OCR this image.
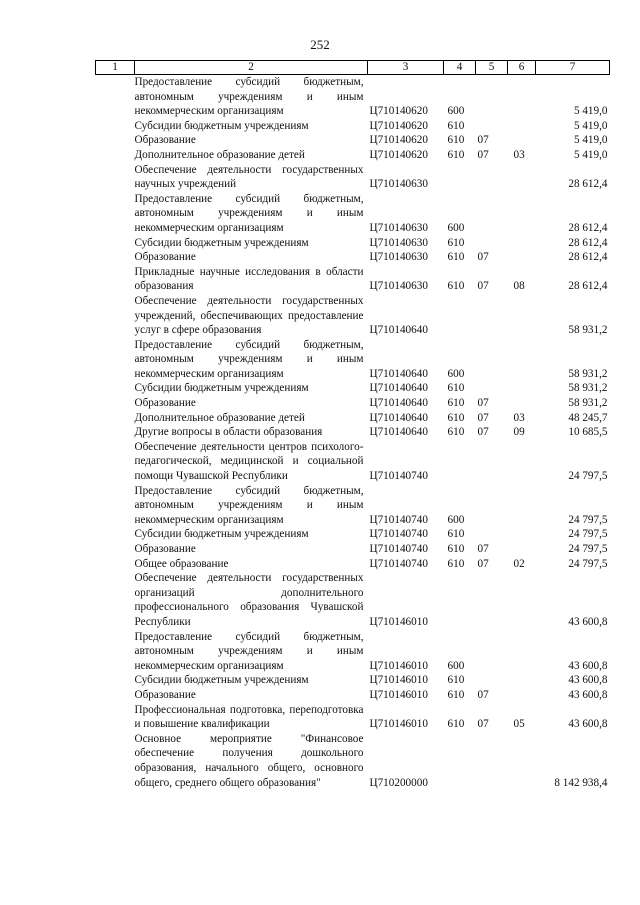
252
1	2	3	4	5	6	7
	Предоставление субсидий бюджетным, автономным учреждениям и иным некоммерческим организациям	Ц710140620	600			5 419,0
	Субсидии бюджетным учреждениям	Ц710140620	610			5 419,0
	Образование	Ц710140620	610	07		5 419,0
	Дополнительное образование детей	Ц710140620	610	07	03	5 419,0
	Обеспечение деятельности государственных научных учреждений	Ц710140630				28 612,4
	Предоставление субсидий бюджетным, автономным учреждениям и иным некоммерческим организациям	Ц710140630	600			28 612,4
	Субсидии бюджетным учреждениям	Ц710140630	610			28 612,4
	Образование	Ц710140630	610	07		28 612,4
	Прикладные научные исследования в области образования	Ц710140630	610	07	08	28 612,4
	Обеспечение деятельности государственных учреждений, обеспечивающих предоставление услуг в сфере образования	Ц710140640				58 931,2
	Предоставление субсидий бюджетным, автономным учреждениям и иным некоммерческим организациям	Ц710140640	600			58 931,2
	Субсидии бюджетным учреждениям	Ц710140640	610			58 931,2
	Образование	Ц710140640	610	07		58 931,2
	Дополнительное образование детей	Ц710140640	610	07	03	48 245,7
	Другие вопросы в области образования	Ц710140640	610	07	09	10 685,5
	Обеспечение деятельности центров психолого-педагогической, медицинской и социальной помощи Чувашской Республики	Ц710140740				24 797,5
	Предоставление субсидий бюджетным, автономным учреждениям и иным некоммерческим организациям	Ц710140740	600			24 797,5
	Субсидии бюджетным учреждениям	Ц710140740	610			24 797,5
	Образование	Ц710140740	610	07		24 797,5
	Общее образование	Ц710140740	610	07	02	24 797,5
	Обеспечение деятельности государственных организаций дополнительного профессионального образования Чувашской Республики	Ц710146010				43 600,8
	Предоставление субсидий бюджетным, автономным учреждениям и иным некоммерческим организациям	Ц710146010	600			43 600,8
	Субсидии бюджетным учреждениям	Ц710146010	610			43 600,8
	Образование	Ц710146010	610	07		43 600,8
	Профессиональная подготовка, переподготовка и повышение квалификации	Ц710146010	610	07	05	43 600,8
	Основное мероприятие "Финансовое обеспечение получения дошкольного образования, начального общего, основного общего, среднего общего образования"	Ц710200000				8 142 938,4
